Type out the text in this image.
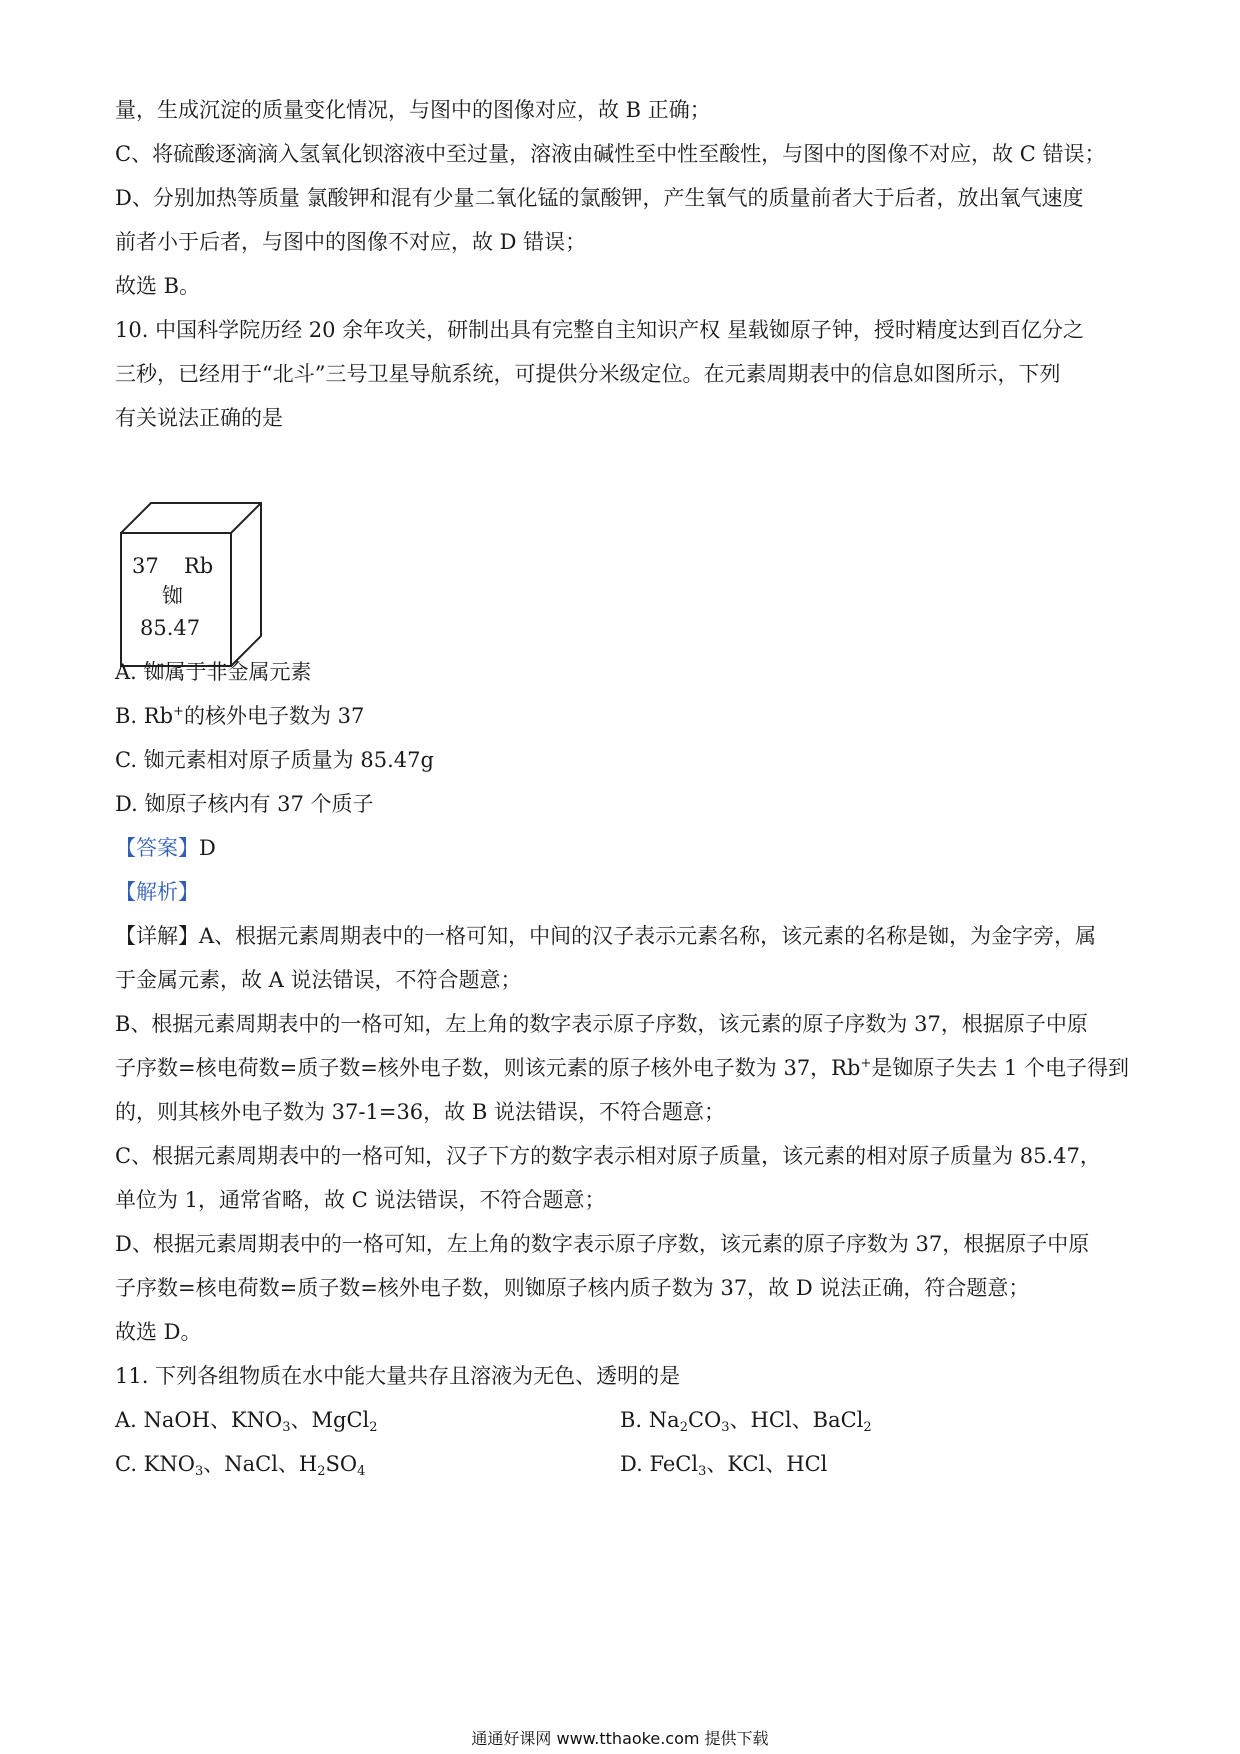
量，生成沉淀的质量变化情况，与图中的图像对应，故 B 正确；

C、将硫酸逐滴滴入氢氧化钡溶液中至过量，溶液由碱性至中性至酸性，与图中的图像不对应，故 C 错误；

D、分别加热等质量 氯酸钾和混有少量二氧化锰的氯酸钾，产生氧气的质量前者大于后者，放出氧气速度

前者小于后者，与图中的图像不对应，故 D 错误；

故选 B。

10. 中国科学院历经 20 余年攻关，研制出具有完整自主知识产权 星载铷原子钟，授时精度达到百亿分之

三秒，已经用于“北斗”三号卫星导航系统，可提供分米级定位。在元素周期表中的信息如图所示，下列

有关说法正确的是

37 Rb
铷
85.47

A. 铷属于非金属元素

B. Rb+的核外电子数为 37

C. 铷元素相对原子质量为 85.47g

D. 铷原子核内有 37 个质子

【答案】D

【解析】

【详解】A、根据元素周期表中的一格可知，中间的汉子表示元素名称，该元素的名称是铷，为金字旁，属

于金属元素，故 A 说法错误，不符合题意；

B、根据元素周期表中的一格可知，左上角的数字表示原子序数，该元素的原子序数为 37，根据原子中原

子序数=核电荷数=质子数=核外电子数，则该元素的原子核外电子数为 37，Rb+是铷原子失去 1 个电子得到

的，则其核外电子数为 37-1=36，故 B 说法错误，不符合题意；

C、根据元素周期表中的一格可知，汉子下方的数字表示相对原子质量，该元素的相对原子质量为 85.47，

单位为 1，通常省略，故 C 说法错误，不符合题意；

D、根据元素周期表中的一格可知，左上角的数字表示原子序数，该元素的原子序数为 37，根据原子中原

子序数=核电荷数=质子数=核外电子数，则铷原子核内质子数为 37，故 D 说法正确，符合题意；

故选 D。

11. 下列各组物质在水中能大量共存且溶液为无色、透明的是

A. NaOH、$KNO_3$、MgCl$_2$	B. $Na_2CO_3$、HCl、BaCl$_2$

C. $KNO_3$、NaCl、$H_2SO_4$	D. FeCl$_3$、KCl、HCl

通通好课网 www.tthaoke.com 提供下载
